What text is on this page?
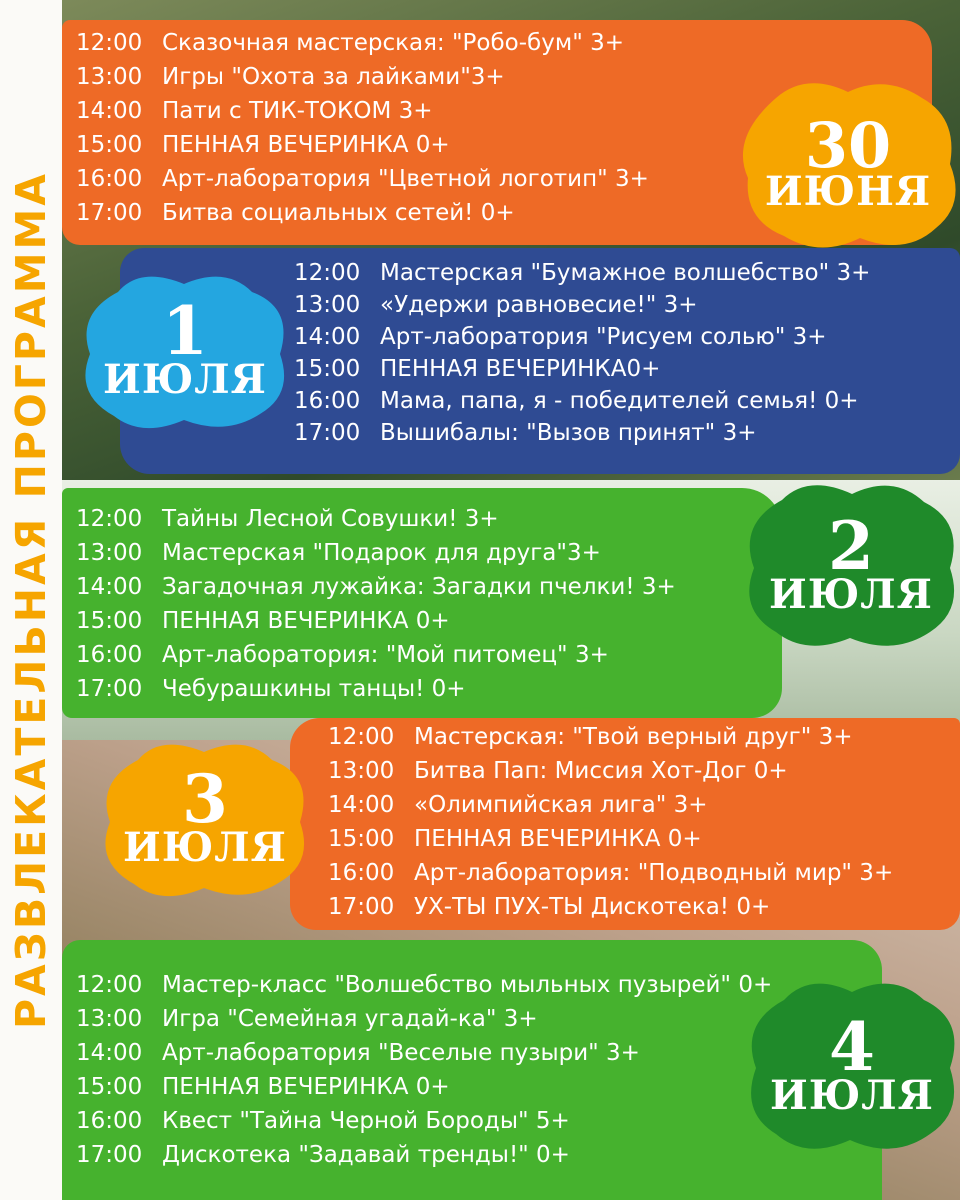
РАЗВЛЕКАТЕЛЬНАЯ ПРОГРАММА
30
ИЮНЯ
1
ИЮЛЯ
2
ИЮЛЯ
3
ИЮЛЯ
4
ИЮЛЯ
12:00 Сказочная мастерская: "Робо-бум" 3+
13:00 Игры "Охота за лайками"3+
14:00 Пати с ТИК-ТОКОМ 3+
15:00 ПЕННАЯ ВЕЧЕРИНКА 0+
16:00 Арт-лаборатория "Цветной логотип" 3+
17:00 Битва социальных сетей! 0+
12:00 Мастерская "Бумажное волшебство" 3+
13:00 «Удержи равновесие!" 3+
14:00 Арт-лаборатория "Рисуем солью" 3+
15:00 ПЕННАЯ ВЕЧЕРИНКА0+
16:00 Мама, папа, я - победителей семья! 0+
17:00 Вышибалы: "Вызов принят" 3+
12:00 Тайны Лесной Совушки! 3+
13:00 Мастерская "Подарок для друга"3+
14:00 Загадочная лужайка: Загадки пчелки! 3+
15:00 ПЕННАЯ ВЕЧЕРИНКА 0+
16:00 Арт-лаборатория: "Мой питомец" 3+
17:00 Чебурашкины танцы! 0+
12:00 Мастерская: "Твой верный друг" 3+
13:00 Битва Пап: Миссия Хот-Дог 0+
14:00 «Олимпийская лига" 3+
15:00 ПЕННАЯ ВЕЧЕРИНКА 0+
16:00 Арт-лаборатория: "Подводный мир" 3+
17:00 УХ-ТЫ ПУХ-ТЫ Дискотека! 0+
12:00 Мастер-класс "Волшебство мыльных пузырей" 0+
13:00 Игра "Семейная угадай-ка" 3+
14:00 Арт-лаборатория "Веселые пузыри" 3+
15:00 ПЕННАЯ ВЕЧЕРИНКА 0+
16:00 Квест "Тайна Черной Бороды" 5+
17:00 Дискотека "Задавай тренды!" 0+
